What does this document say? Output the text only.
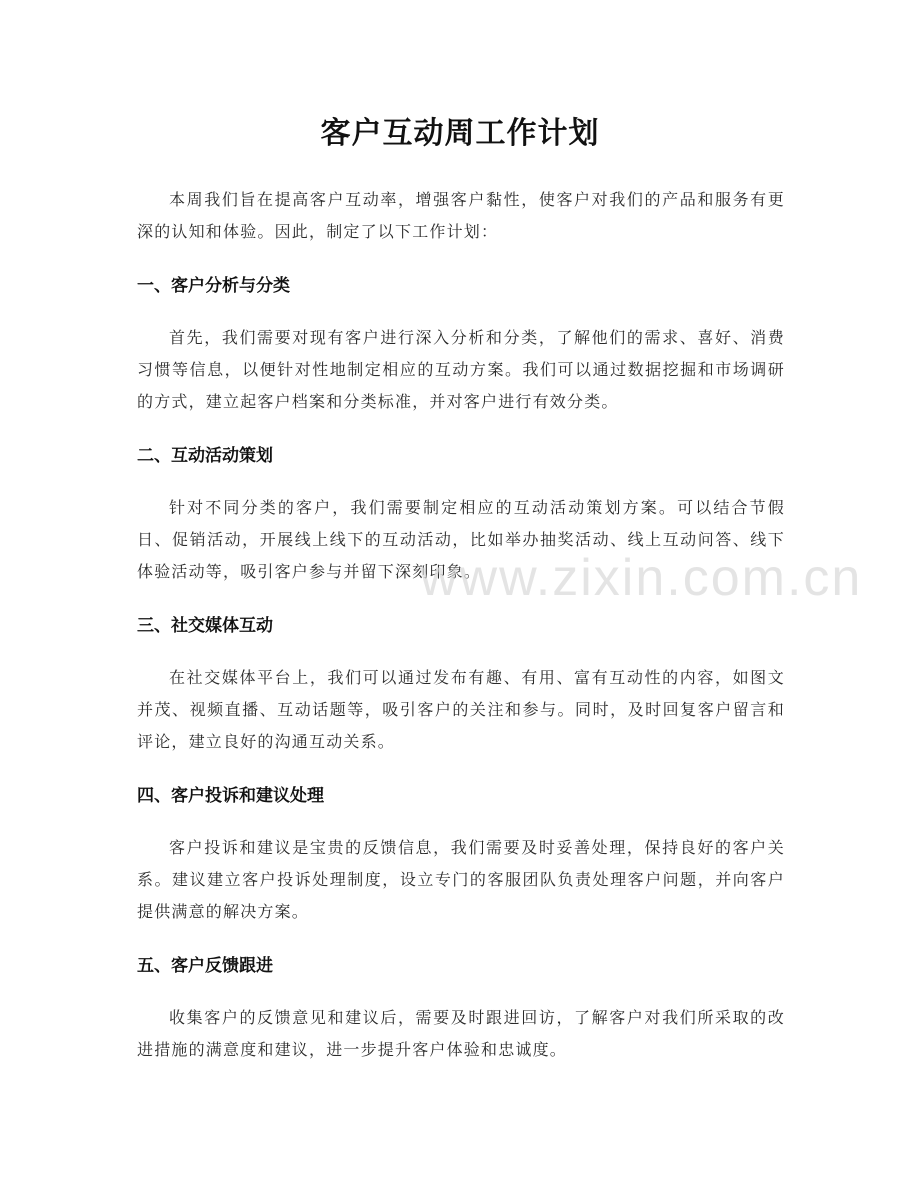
客户互动周工作计划

本周我们旨在提高客户互动率，增强客户黏性，使客户对我们的产品和服务有更深的认知和体验。因此，制定了以下工作计划：

一、客户分析与分类

首先，我们需要对现有客户进行深入分析和分类，了解他们的需求、喜好、消费习惯等信息，以便针对性地制定相应的互动方案。我们可以通过数据挖掘和市场调研的方式，建立起客户档案和分类标准，并对客户进行有效分类。

二、互动活动策划

针对不同分类的客户，我们需要制定相应的互动活动策划方案。可以结合节假日、促销活动，开展线上线下的互动活动，比如举办抽奖活动、线上互动问答、线下体验活动等，吸引客户参与并留下深刻印象。

三、社交媒体互动

在社交媒体平台上，我们可以通过发布有趣、有用、富有互动性的内容，如图文并茂、视频直播、互动话题等，吸引客户的关注和参与。同时，及时回复客户留言和评论，建立良好的沟通互动关系。

四、客户投诉和建议处理

客户投诉和建议是宝贵的反馈信息，我们需要及时妥善处理，保持良好的客户关系。建议建立客户投诉处理制度，设立专门的客服团队负责处理客户问题，并向客户提供满意的解决方案。

五、客户反馈跟进

收集客户的反馈意见和建议后，需要及时跟进回访，了解客户对我们所采取的改进措施的满意度和建议，进一步提升客户体验和忠诚度。

www.zixin.com.cn
